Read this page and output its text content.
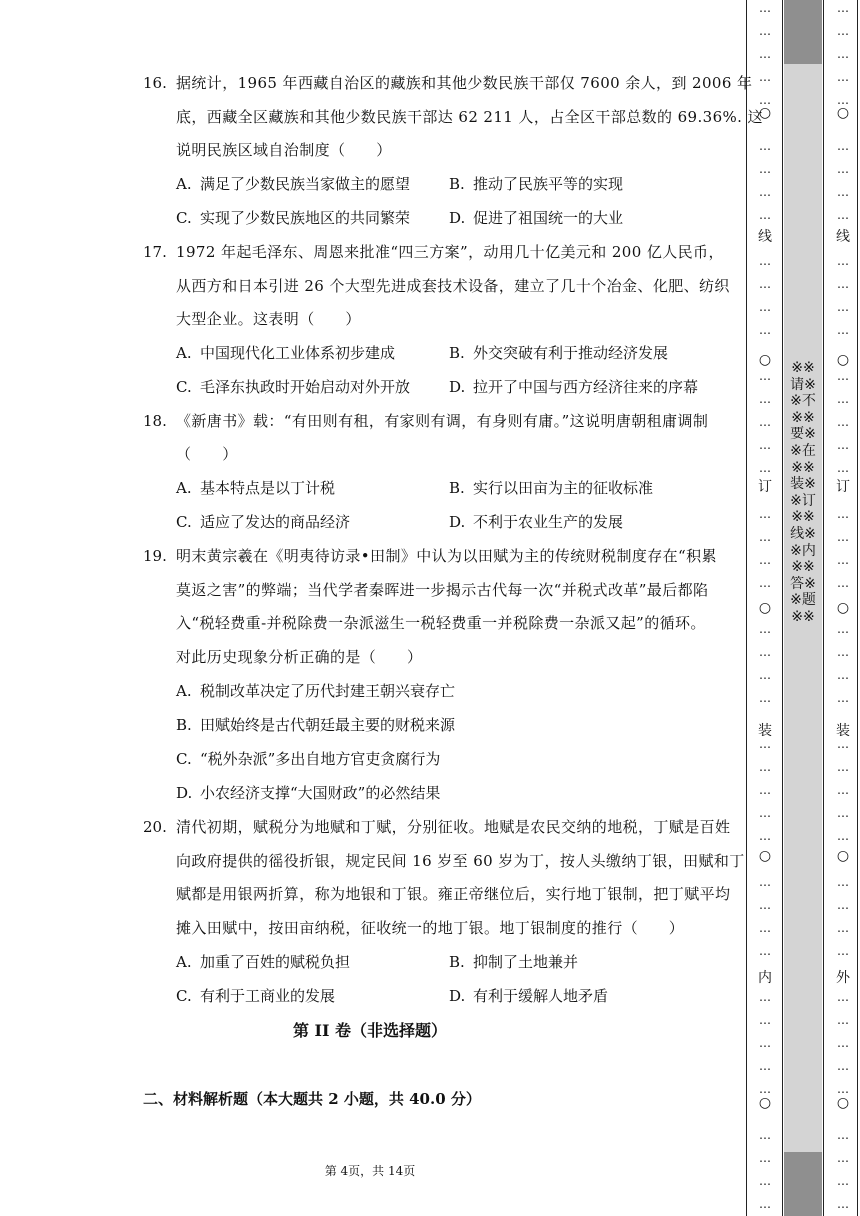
16. 据统计，1965 年西藏自治区的藏族和其他少数民族干部仅 7600 余人，到 2006 年
底，西藏全区藏族和其他少数民族干部达 62 211 人，占全区干部总数的 69.36%. 这
说明民族区域自治制度（　　）
A. 满足了少数民族当家做主的愿望	B. 推动了民族平等的实现
C. 实现了少数民族地区的共同繁荣	D. 促进了祖国统一的大业
17. 1972 年起毛泽东、周恩来批准“四三方案”，动用几十亿美元和 200 亿人民币，
从西方和日本引进 26 个大型先进成套技术设备，建立了几十个冶金、化肥、纺织
大型企业。这表明（　　）
A. 中国现代化工业体系初步建成	B. 外交突破有利于推动经济发展
C. 毛泽东执政时开始启动对外开放	D. 拉开了中国与西方经济往来的序幕
18. 《新唐书》载：“有田则有租，有家则有调，有身则有庸。”这说明唐朝租庸调制
（　　）
A. 基本特点是以丁计税	B. 实行以田亩为主的征收标准
C. 适应了发达的商品经济	D. 不利于农业生产的发展
19. 明末黄宗羲在《明夷待访录•田制》中认为以田赋为主的传统财税制度存在“积累
莫返之害”的弊端；当代学者秦晖进一步揭示古代每一次“并税式改革”最后都陷
入“税轻费重-并税除费一杂派滋生一税轻费重一并税除费一杂派又起”的循环。
对此历史现象分析正确的是（　　）
A. 税制改革决定了历代封建王朝兴衰存亡
B. 田赋始终是古代朝廷最主要的财税来源
C. “税外杂派”多出自地方官吏贪腐行为
D. 小农经济支撑“大国财政”的必然结果
20. 清代初期，赋税分为地赋和丁赋，分别征收。地赋是农民交纳的地税，丁赋是百姓
向政府提供的徭役折银，规定民间 16 岁至 60 岁为丁，按人头缴纳丁银，田赋和丁
赋都是用银两折算，称为地银和丁银。雍正帝继位后，实行地丁银制，把丁赋平均
摊入田赋中，按田亩纳税，征收统一的地丁银。地丁银制度的推行（　　）
A. 加重了百姓的赋税负担	B. 抑制了土地兼并
C. 有利于工商业的发展	D. 有利于缓解人地矛盾
第 II 卷（非选择题）
二、材料解析题（本大题共 2 小题，共 40.0 分）
第 4页，共 14页
※※请※※不※※要※※在※※装※※订※※线※※内※※答※※题※※
…
…
…
…
…
…
…
…
…
…
…
…
…
…
…
…
…
…
…
…
…
…
…
…
…
…
…
…
…
…
…
…
…
…
…
…
…
…
…
…
…
…
…
…
○
线
○
订
○
装
○
内
○
…
…
…
…
…
…
…
…
…
…
…
…
…
…
…
…
…
…
…
…
…
…
…
…
…
…
…
…
…
…
…
…
…
…
…
…
…
…
…
…
…
…
…
…
○
线
○
订
○
装
○
外
○
